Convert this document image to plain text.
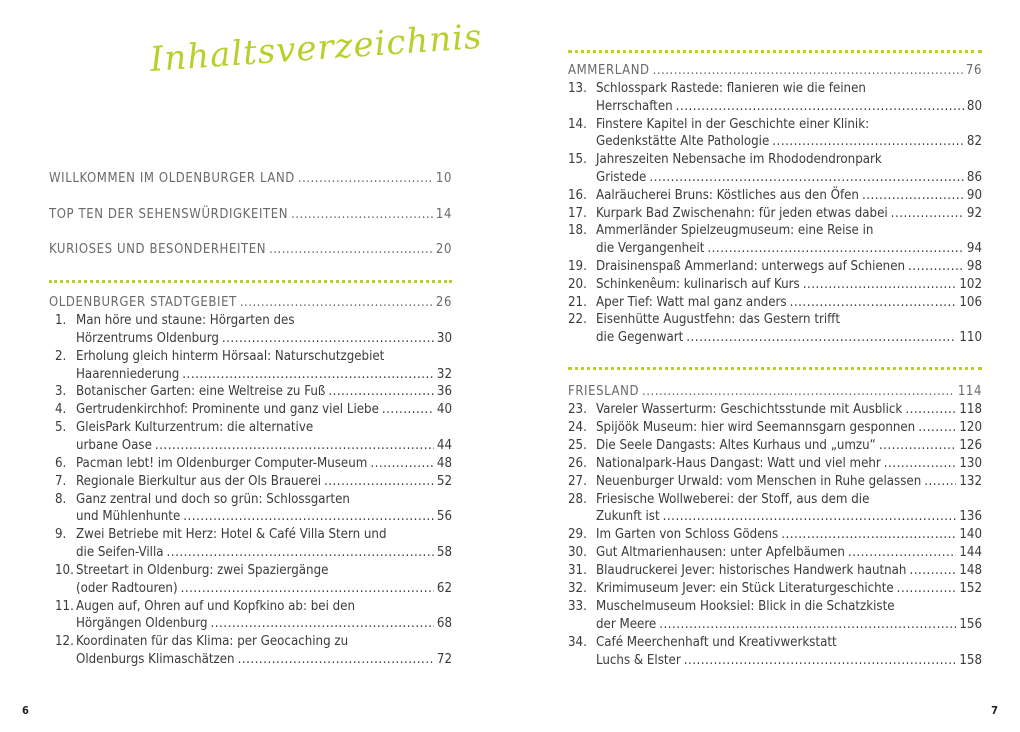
Inhaltsverzeichnis
WILLKOMMEN IM OLDENBURGER LAND .....	10
TOP TEN DER SEHENSWÜRDIGKEITEN .....	14
KURIOSES UND BESONDERHEITEN .....	20
OLDENBURGER STADTGEBIET .....	26
1. Man höre und staune: Hörgarten des
Hörzentrums Oldenburg .....	30
2. Erholung gleich hinterm Hörsaal: Naturschutzgebiet
Haarenniederung .....	32
3. Botanischer Garten: eine Weltreise zu Fuß .....	36
4. Gertrudenkirchhof: Prominente und ganz viel Liebe .....	40
5. GleisPark Kulturzentrum: die alternative
urbane Oase .....	44
6. Pacman lebt! im Oldenburger Computer-Museum .....	48
7. Regionale Bierkultur aus der Ols Brauerei .....	52
8. Ganz zentral und doch so grün: Schlossgarten
und Mühlenhunte .....	56
9. Zwei Betriebe mit Herz: Hotel & Café Villa Stern und
die Seifen-Villa .....	58
10. Streetart in Oldenburg: zwei Spaziergänge
(oder Radtouren) .....	62
11. Augen auf, Ohren auf und Kopfkino ab: bei den
Hörgängen Oldenburg .....	68
12. Koordinaten für das Klima: per Geocaching zu
Oldenburgs Klimaschätzen .....	72
6
AMMERLAND .....	76
13. Schlosspark Rastede: flanieren wie die feinen
Herrschaften .....	80
14. Finstere Kapitel in der Geschichte einer Klinik:
Gedenkstätte Alte Pathologie .....	82
15. Jahreszeiten Nebensache im Rhododendronpark
Gristede .....	86
16. Aalräucherei Bruns: Köstliches aus den Öfen .....	90
17. Kurpark Bad Zwischenahn: für jeden etwas dabei .....	92
18. Ammerländer Spielzeugmuseum: eine Reise in
die Vergangenheit .....	94
19. Draisinenspaß Ammerland: unterwegs auf Schienen .....	98
20. Schinkenêum: kulinarisch auf Kurs .....	102
21. Aper Tief: Watt mal ganz anders .....	106
22. Eisenhütte Augustfehn: das Gestern trifft
die Gegenwart .....	110
FRIESLAND .....	114
23. Vareler Wasserturm: Geschichtsstunde mit Ausblick .....	118
24. Spijöök Museum: hier wird Seemannsgarn gesponnen .....	120
25. Die Seele Dangasts: Altes Kurhaus und „umzu“ .....	126
26. Nationalpark-Haus Dangast: Watt und viel mehr .....	130
27. Neuenburger Urwald: vom Menschen in Ruhe gelassen .....	132
28. Friesische Wollweberei: der Stoff, aus dem die
Zukunft ist .....	136
29. Im Garten von Schloss Gödens .....	140
30. Gut Altmarienhausen: unter Apfelbäumen .....	144
31. Blaudruckerei Jever: historisches Handwerk hautnah .....	148
32. Krimimuseum Jever: ein Stück Literaturgeschichte .....	152
33. Muschelmuseum Hooksiel: Blick in die Schatzkiste
der Meere .....	156
34. Café Meerchenhaft und Kreativwerkstatt
Luchs & Elster .....	158
7
